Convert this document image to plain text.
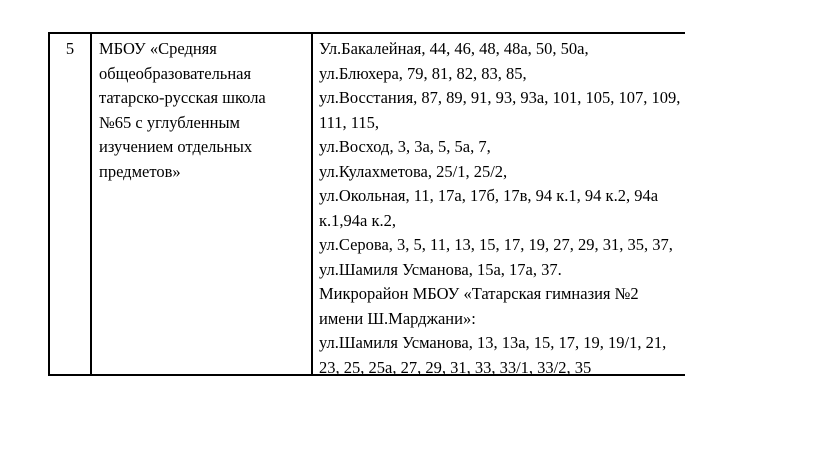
5	МБОУ «Средняя
общеобразовательная
татарско-русская школа
№65 с углубленным
изучением отдельных
предметов»
Ул.Бакалейная, 44, 46, 48, 48а, 50, 50а,
ул.Блюхера, 79, 81, 82, 83, 85,
ул.Восстания, 87, 89, 91, 93, 93а, 101, 105, 107, 109,
111, 115,
ул.Восход, 3, 3а, 5, 5а, 7,
ул.Кулахметова, 25/1, 25/2,
ул.Окольная, 11, 17а, 17б, 17в, 94 к.1, 94 к.2, 94а
к.1,94а к.2,
ул.Серова, 3, 5, 11, 13, 15, 17, 19, 27, 29, 31, 35, 37,
ул.Шамиля Усманова, 15а, 17а, 37.
Микрорайон МБОУ «Татарская гимназия №2
имени Ш.Марджани»:
ул.Шамиля Усманова, 13, 13а, 15, 17, 19, 19/1, 21,
23, 25, 25а, 27, 29, 31, 33, 33/1, 33/2, 35
